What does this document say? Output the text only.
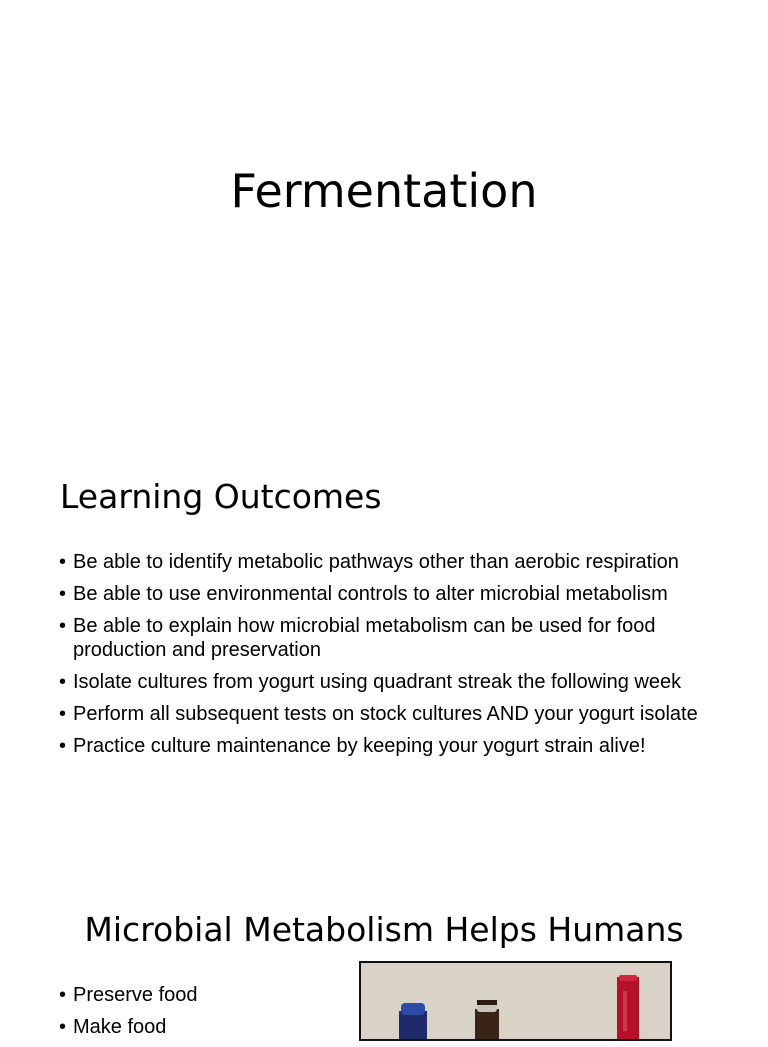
Fermentation
Learning Outcomes
• Be able to identify metabolic pathways other than aerobic respiration
• Be able to use environmental controls to alter microbial metabolism
• Be able to explain how microbial metabolism can be used for food production and preservation
• Isolate cultures from yogurt using quadrant streak the following week
• Perform all subsequent tests on stock cultures AND your yogurt isolate
• Practice culture maintenance by keeping your yogurt strain alive!
Microbial Metabolism Helps Humans
• Preserve food
• Make food
